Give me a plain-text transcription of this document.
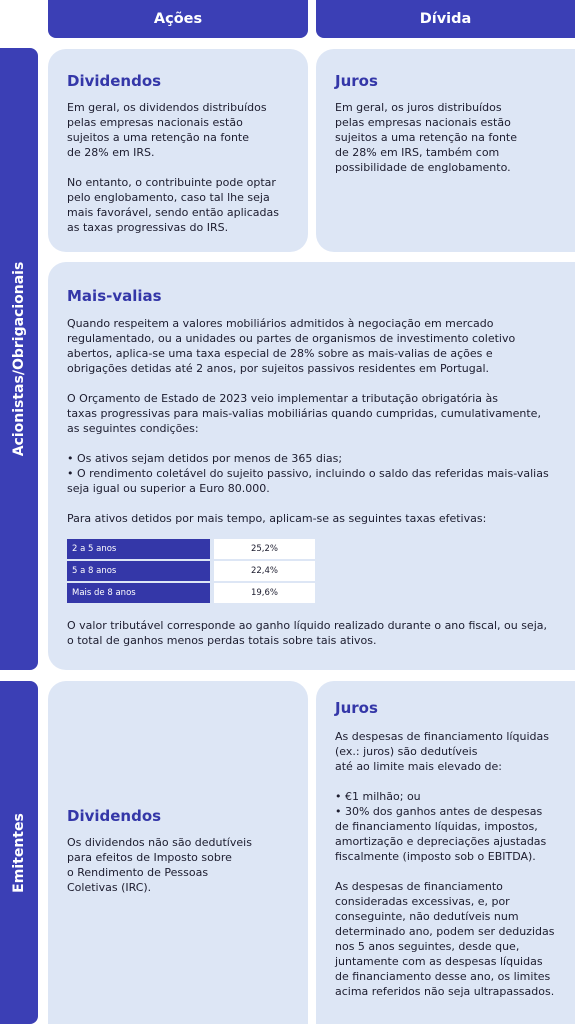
Ações	Dívida
Acionistas/Obrigacionais
Emitentes
Dividendos

Em geral, os dividendos distribuídos
pelas empresas nacionais estão
sujeitos a uma retenção na fonte
de 28% em IRS.

No entanto, o contribuinte pode optar
pelo englobamento, caso tal lhe seja
mais favorável, sendo então aplicadas
as taxas progressivas do IRS.

Juros

Em geral, os juros distribuídos
pelas empresas nacionais estão
sujeitos a uma retenção na fonte
de 28% em IRS, também com
possibilidade de englobamento.

Mais-valias

Quando respeitem a valores mobiliários admitidos à negociação em mercado
regulamentado, ou a unidades ou partes de organismos de investimento coletivo
abertos, aplica-se uma taxa especial de 28% sobre as mais-valias de ações e
obrigações detidas até 2 anos, por sujeitos passivos residentes em Portugal.

O Orçamento de Estado de 2023 veio implementar a tributação obrigatória às
taxas progressivas para mais-valias mobiliárias quando cumpridas, cumulativamente,
as seguintes condições:

• Os ativos sejam detidos por menos de 365 dias;
• O rendimento coletável do sujeito passivo, incluindo o saldo das referidas mais-valias
seja igual ou superior a Euro 80.000.

Para ativos detidos por mais tempo, aplicam-se as seguintes taxas efetivas:

2 a 5 anos	25,2%
5 a 8 anos	22,4%
Mais de 8 anos	19,6%

O valor tributável corresponde ao ganho líquido realizado durante o ano fiscal, ou seja,
o total de ganhos menos perdas totais sobre tais ativos.

Dividendos

Os dividendos não são dedutíveis
para efeitos de Imposto sobre
o Rendimento de Pessoas
Coletivas (IRC).

Juros

As despesas de financiamento líquidas
(ex.: juros) são dedutíveis
até ao limite mais elevado de:

• €1 milhão; ou
• 30% dos ganhos antes de despesas
de financiamento líquidas, impostos,
amortização e depreciações ajustadas
fiscalmente (imposto sob o EBITDA).

As despesas de financiamento
consideradas excessivas, e, por
conseguinte, não dedutíveis num
determinado ano, podem ser deduzidas
nos 5 anos seguintes, desde que,
juntamente com as despesas líquidas
de financiamento desse ano, os limites
acima referidos não seja ultrapassados.
